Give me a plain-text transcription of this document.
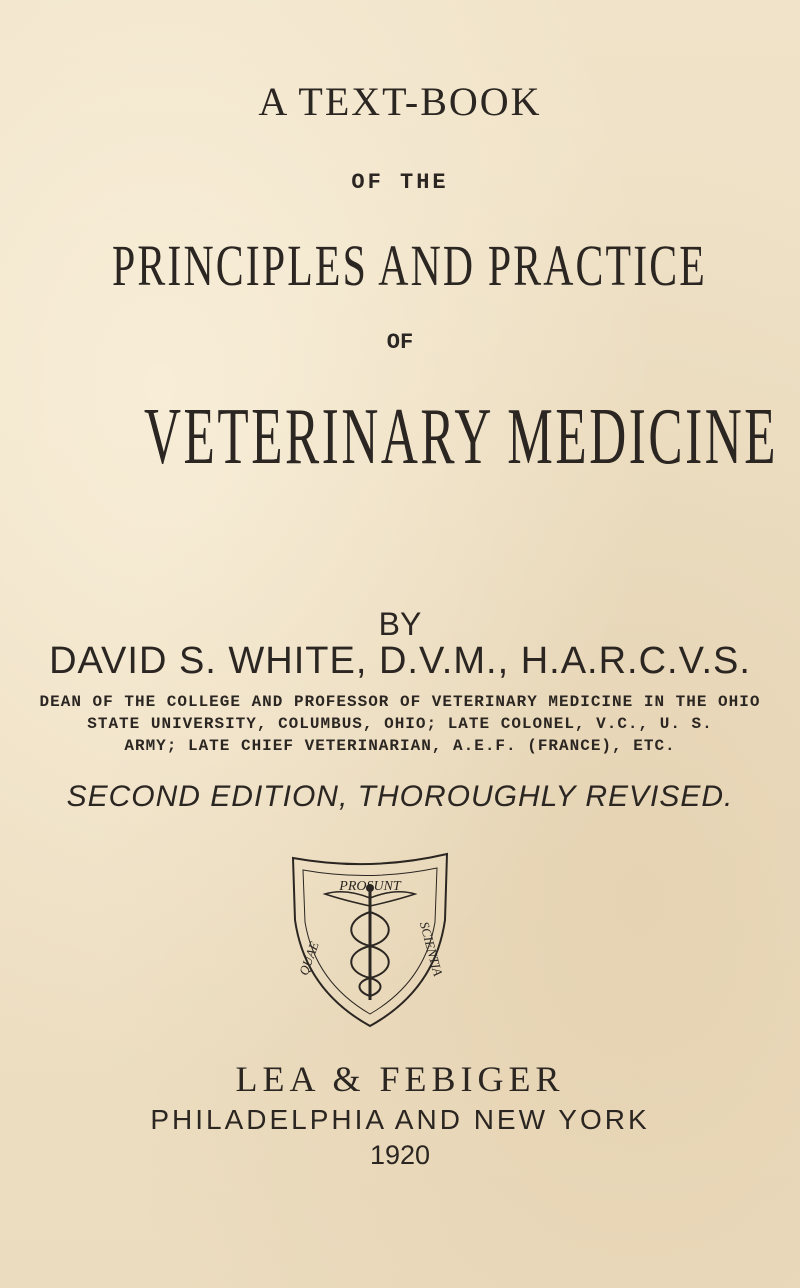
A TEXT-BOOK
OF THE
PRINCIPLES AND PRACTICE
OF
VETERINARY MEDICINE
BY
DAVID S. WHITE, D.V.M., H.A.R.C.V.S.
DEAN OF THE COLLEGE AND PROFESSOR OF VETERINARY MEDICINE IN THE OHIO
STATE UNIVERSITY, COLUMBUS, OHIO; LATE COLONEL, V.C., U. S.
ARMY; LATE CHIEF VETERINARIAN, A.E.F. (FRANCE), ETC.
SECOND EDITION, THOROUGHLY REVISED.
PROSUNT
QUAE	SCIENTIA
LEA & FEBIGER
PHILADELPHIA AND NEW YORK
1920
